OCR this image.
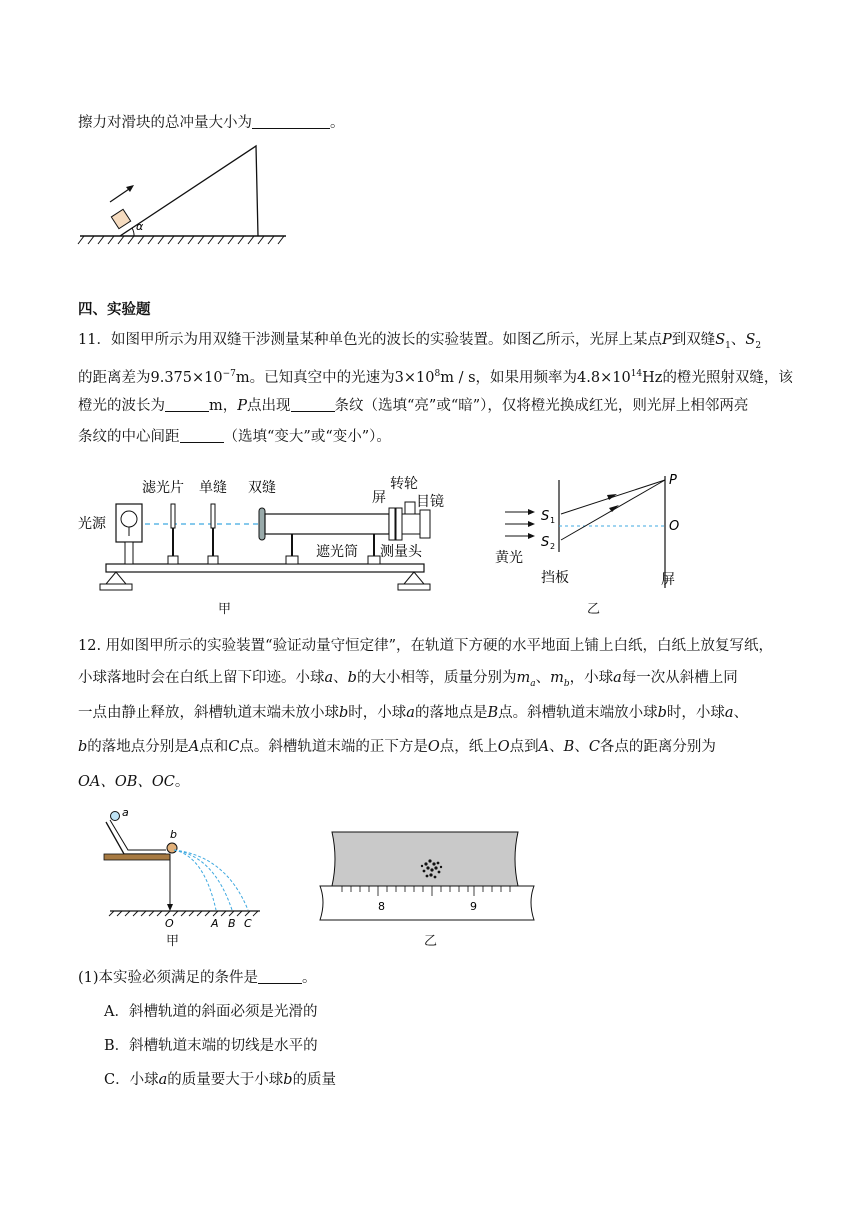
擦力对滑块的总冲量大小为	。
α
四、实验题
11．如图甲所示为用双缝干涉测量某种单色光的波长的实验装置。如图乙所示，光屏上某点P到双缝$S_1$、$S_2$
的距离差为$9.375\times 10^{-7}m$。已知真空中的光速为$3\times 10^8m / s$，如果用频率为$4.8\times 10^{14}Hz$的橙光照射双缝，该
橙光的波长为	m，P点出现	条纹（选填“亮”或“暗”），仅将橙光换成红光，则光屏上相邻两亮
条纹的中心间距	（选填“变大”或“变小”）。
光源
滤光片 单缝 双缝
屏
转轮
目镜
遮光筒 测量头
甲
S 1
S 2
P
O
黄光
挡板	屏
乙
12. 用如图甲所示的实验装置“验证动量守恒定律”，在轨道下方硬的水平地面上铺上白纸，白纸上放复写纸，
小球落地时会在白纸上留下印迹。小球a、b的大小相等，质量分别为$m_a$、$m_b$，小球a每一次从斜槽上同
一点由静止释放，斜槽轨道末端未放小球b时，小球a的落地点是B点。斜槽轨道末端放小球b时，小球a、
b的落地点分别是A点和C点。斜槽轨道末端的正下方是O点，纸上O点到A、B、C各点的距离分别为
OA、OB、OC。
a
b
O	A B C
甲
8	9
乙
(1)本实验必须满足的条件是	。
A．斜槽轨道的斜面必须是光滑的
B．斜槽轨道末端的切线是水平的
C．小球a的质量要大于小球b的质量
